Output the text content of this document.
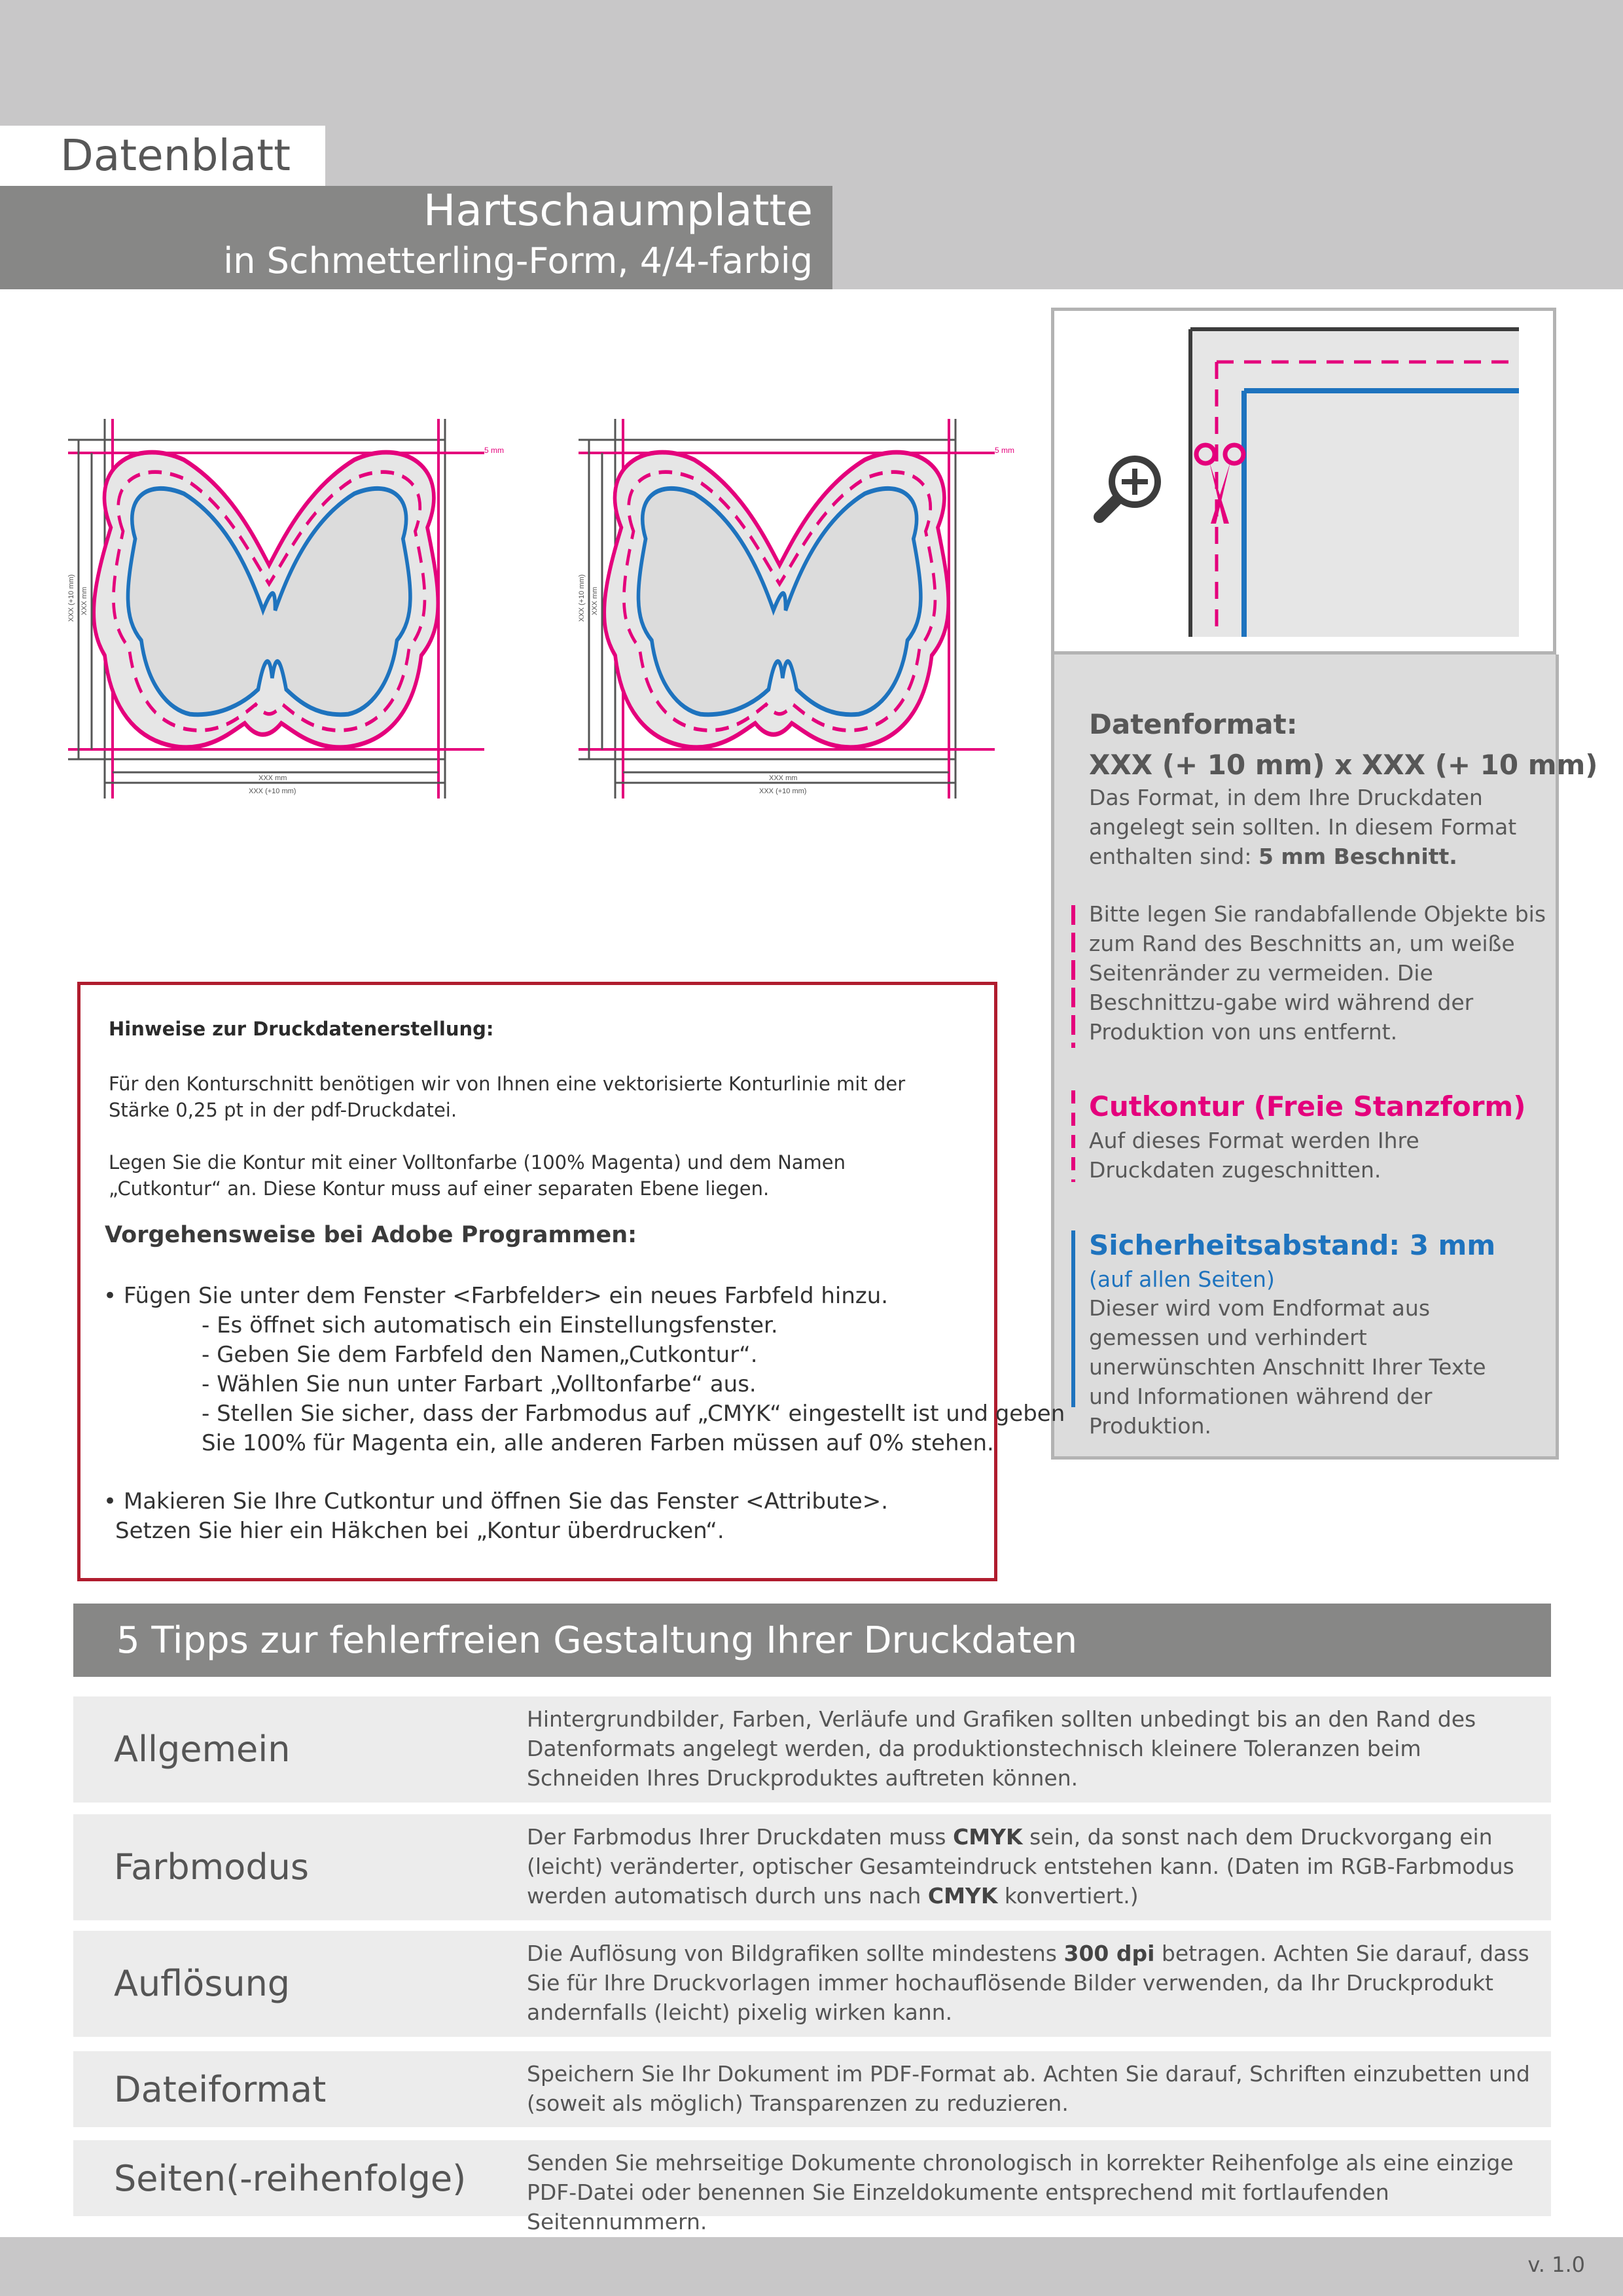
Datenblatt
Hartschaumplatte
in Schmetterling-Form, 4/4-farbig
5 mm
XXX (+10 mm) XXX mm
XXX mm
XXX (+10 mm)
5 mm
XXX (+10 mm) XXX mm
XXX mm
XXX (+10 mm)
Datenformat:
XXX (+ 10 mm) x XXX (+ 10 mm)
Das Format, in dem Ihre Druckdaten angelegt sein sollten. In diesem Format enthalten sind: 5 mm Beschnitt.
Bitte legen Sie randabfallende Objekte bis zum Rand des Beschnitts an, um weiße Seitenränder zu vermeiden. Die Beschnittzu-gabe wird während der Produktion von uns entfernt.
Cutkontur (Freie Stanzform)
Auf dieses Format werden Ihre Druckdaten zugeschnitten.
Sicherheitsabstand: 3 mm
(auf allen Seiten)
Dieser wird vom Endformat aus gemessen und verhindert unerwünschten Anschnitt Ihrer Texte und Informationen während der Produktion.
Hinweise zur Druckdatenerstellung:
Für den Konturschnitt benötigen wir von Ihnen eine vektorisierte Konturlinie mit der Stärke 0,25 pt in der pdf-Druckdatei.
Legen Sie die Kontur mit einer Volltonfarbe (100% Magenta) und dem Namen „Cutkontur“ an. Diese Kontur muss auf einer separaten Ebene liegen.
Vorgehensweise bei Adobe Programmen:
• Fügen Sie unter dem Fenster <Farbfelder> ein neues Farbfeld hinzu.
- Es öffnet sich automatisch ein Einstellungsfenster.
- Geben Sie dem Farbfeld den Namen„Cutkontur“.
- Wählen Sie nun unter Farbart „Volltonfarbe“ aus.
- Stellen Sie sicher, dass der Farbmodus auf „CMYK“ eingestellt ist und geben
Sie 100% für Magenta ein, alle anderen Farben müssen auf 0% stehen.
• Makieren Sie Ihre Cutkontur und öffnen Sie das Fenster <Attribute>.
Setzen Sie hier ein Häkchen bei „Kontur überdrucken“.
5 Tipps zur fehlerfreien Gestaltung Ihrer Druckdaten
Allgemein
Hintergrundbilder, Farben, Verläufe und Grafiken sollten unbedingt bis an den Rand des Datenformats angelegt werden, da produktionstechnisch kleinere Toleranzen beim Schneiden Ihres Druckproduktes auftreten können.
Farbmodus
Der Farbmodus Ihrer Druckdaten muss CMYK sein, da sonst nach dem Druckvorgang ein (leicht) veränderter, optischer Gesamteindruck entstehen kann. (Daten im RGB-Farbmodus werden automatisch durch uns nach CMYK konvertiert.)
Auflösung
Die Auflösung von Bildgrafiken sollte mindestens 300 dpi betragen. Achten Sie darauf, dass Sie für Ihre Druckvorlagen immer hochauflösende Bilder verwenden, da Ihr Druckprodukt andernfalls (leicht) pixelig wirken kann.
Dateiformat	Speichern Sie Ihr Dokument im PDF-Format ab. Achten Sie darauf, Schriften einzubetten und (soweit als möglich) Transparenzen zu reduzieren.
Seiten(-reihenfolge)	Senden Sie mehrseitige Dokumente chronologisch in korrekter Reihenfolge als eine einzige PDF-Datei oder benennen Sie Einzeldokumente entsprechend mit fortlaufenden Seitennummern.
v. 1.0
